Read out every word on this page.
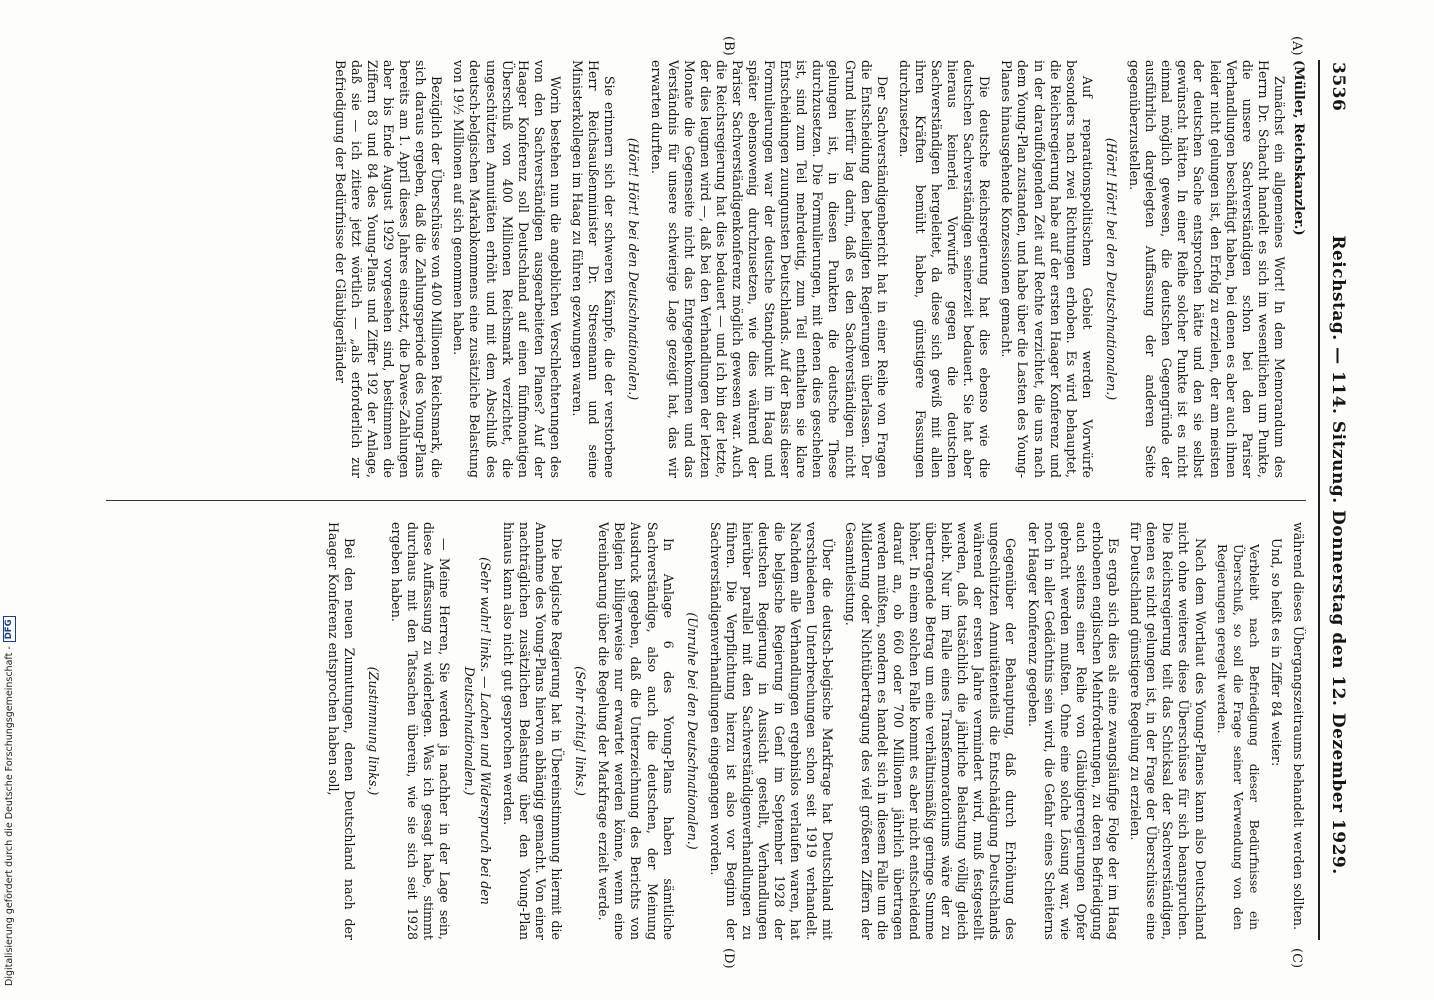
3536
Reichstag. — 114. Sitzung. Donnerstag den 12. Dezember 1929.
(A)
(B)
(C)
(D)

(Müller, Reichskanzler.)

Zunächst ein allgemeines Wort! In dem Memorandum des Herrn Dr. Schacht handelt es sich im wesentlichen um Punkte, die unsere Sachverständigen schon bei den Pariser Verhandlungen beschäftigt haben, bei denen es aber auch ihnen leider nicht gelungen ist, den Erfolg zu erzielen, der am meisten der deutschen Sache entsprochen hätte und den sie selbst gewünscht hätten. In einer Reihe solcher Punkte ist es nicht einmal möglich gewesen, die deutschen Gegengründe der ausführlich dargelegten Auffassung der anderen Seite gegenüberzustellen.

(Hört! Hört! bei den Deutschnationalen.)

Auf reparationspolitischem Gebiet werden Vorwürfe besonders nach zwei Richtungen erhoben. Es wird behauptet, die Reichsregierung habe auf der ersten Haager Konferenz und in der darauffolgenden Zeit auf Rechte verzichtet, die uns nach dem Young-Plan zustanden, und habe über die Lasten des Young-Planes hinausgehende Konzessionen gemacht.

Die deutsche Reichsregierung hat dies ebenso wie die deutschen Sachverständigen seinerzeit bedauert. Sie hat aber hieraus keinerlei Vorwürfe gegen die deutschen Sachverständigen hergeleitet, da diese sich gewiß mit allen ihren Kräften bemüht haben, günstigere Fassungen durchzusetzen.

Der Sachverständigenbericht hat in einer Reihe von Fragen die Entscheidung den beteiligten Regierungen überlassen. Der Grund hierfür lag darin, daß es den Sachverständigen nicht gelungen ist, in diesen Punkten die deutsche These durchzusetzen. Die Formulierungen, mit denen dies geschehen ist, sind zum Teil mehrdeutig, zum Teil enthalten sie klare Entscheidungen zuungunsten Deutschlands. Auf der Basis dieser Formulierungen war der deutsche Standpunkt im Haag und später ebensowenig durchzusetzen, wie dies während der Pariser Sachverständigenkonferenz möglich gewesen war. Auch die Reichsregierung hat dies bedauert — und ich bin der letzte, der dies leugnen wird —, daß bei den Verhandlungen der letzten Monate die Gegenseite nicht das Entgegenkommen und das Verständnis für unsere schwierige Lage gezeigt hat, das wir erwarten durften.

(Hört! Hört! bei den Deutschnationalen.)

Sie erinnern sich der schweren Kämpfe, die der verstorbene Herr Reichsaußenminister Dr. Stresemann und seine Ministerkollegen im Haag zu führen gezwungen waren.

Worin bestehen nun die angeblichen Verschlechterungen des von den Sachverständigen ausgearbeiteten Planes? Auf der Haager Konferenz soll Deutschland auf einen fünfmonatigen Überschuß von 400 Millionen Reichsmark verzichtet, die ungeschützten Annuitäten erhöht und mit dem Abschluß des deutsch-belgischen Markabkommens eine zusätzliche Belastung von 19½ Millionen auf sich genommen haben.

Bezüglich der Überschüsse von 400 Millionen Reichsmark, die sich daraus ergeben, daß die Zahlungsperiode des Young-Plans bereits am 1. April dieses Jahres einsetzt, die Dawes-Zahlungen aber bis Ende August 1929 vorgesehen sind, bestimmen die Ziffern 83 und 84 des Young-Plans und Ziffer 192 der Anlage, daß sie — ich zitiere jetzt wörtlich — „als erforderlich zur Befriedigung der Bedürfnisse der Gläubigerländer

während dieses Übergangszeitraums behandelt werden sollten.

Und, so heißt es in Ziffer 84 weiter:

Verbleibt nach Befriedigung dieser Bedürfnisse ein Überschuß, so soll die Frage seiner Verwendung von den Regierungen geregelt werden.

Nach dem Wortlaut des Young-Planes kann also Deutschland nicht ohne weiteres diese Überschüsse für sich beanspruchen. Die Reichsregierung teilt das Schicksal der Sachverständigen, denen es nicht gelungen ist, in der Frage der Überschüsse eine für Deutschland günstigere Regelung zu erzielen.

Es ergab sich dies als eine zwangsläufige Folge der im Haag erhobenen englischen Mehrforderungen, zu deren Befriedigung auch seitens einer Reihe von Gläubigerregierungen Opfer gebracht werden mußten. Ohne eine solche Lösung war, wie noch in aller Gedächtnis sein wird, die Gefahr eines Scheiterns der Haager Konferenz gegeben.

Gegenüber der Behauptung, daß durch Erhöhung des ungeschützten Annuitätenteils die Entschädigung Deutschlands während der ersten Jahre vermindert wird, muß festgestellt werden, daß tatsächlich die jährliche Belastung völlig gleich bleibt. Nur im Falle eines Transfermoratoriums wäre der zu übertragende Betrag um eine verhältnismäßig geringe Summe höher. In einem solchen Falle kommt es aber nicht entscheidend darauf an, ob 660 oder 700 Millionen jährlich übertragen werden müßten, sondern es handelt sich in diesem Falle um die Milderung oder Nichtübertragung des viel größeren Ziffern der Gesamtleistung.

Über die deutsch-belgische Markfrage hat Deutschland mit verschiedenen Unterbrechungen schon seit 1919 verhandelt. Nachdem alle Verhandlungen ergebnislos verlaufen waren, hat die belgische Regierung in Genf im September 1928 der deutschen Regierung in Aussicht gestellt, Verhandlungen hierüber parallel mit den Sachverständigenverhandlungen zu führen. Die Verpflichtung hierzu ist also vor Beginn der Sachverständigenverhandlungen eingegangen worden.

(Unruhe bei den Deutschnationalen.)

In Anlage 6 des Young-Plans haben sämtliche Sachverständige, also auch die deutschen, der Meinung Ausdruck gegeben, daß die Unterzeichnung des Berichts von Belgien billigerweise nur erwartet werden könne, wenn eine Vereinbarung über die Regelung der Markfrage erzielt werde.

(Sehr richtig! links.)

Die belgische Regierung hat in Übereinstimmung hiermit die Annahme des Young-Plans hiervon abhängig gemacht. Von einer nachträglichen zusätzlichen Belastung über den Young-Plan hinaus kann also nicht gut gesprochen werden.

(Sehr wahr! links. — Lachen und Widerspruch bei den Deutschnationalen.)

— Meine Herren, Sie werden ja nachher in der Lage sein, diese Auffassung zu widerlegen. Was ich gesagt habe, stimmt durchaus mit den Tatsachen überein, wie sie sich seit 1928 ergeben haben.

(Zustimmung links.)

Bei den neuen Zumutungen, denen Deutschland nach der Haager Konferenz entsprochen haben soll,

Digitalisierung gefördert durch die Deutsche Forschungsgemeinschaft -DFG
